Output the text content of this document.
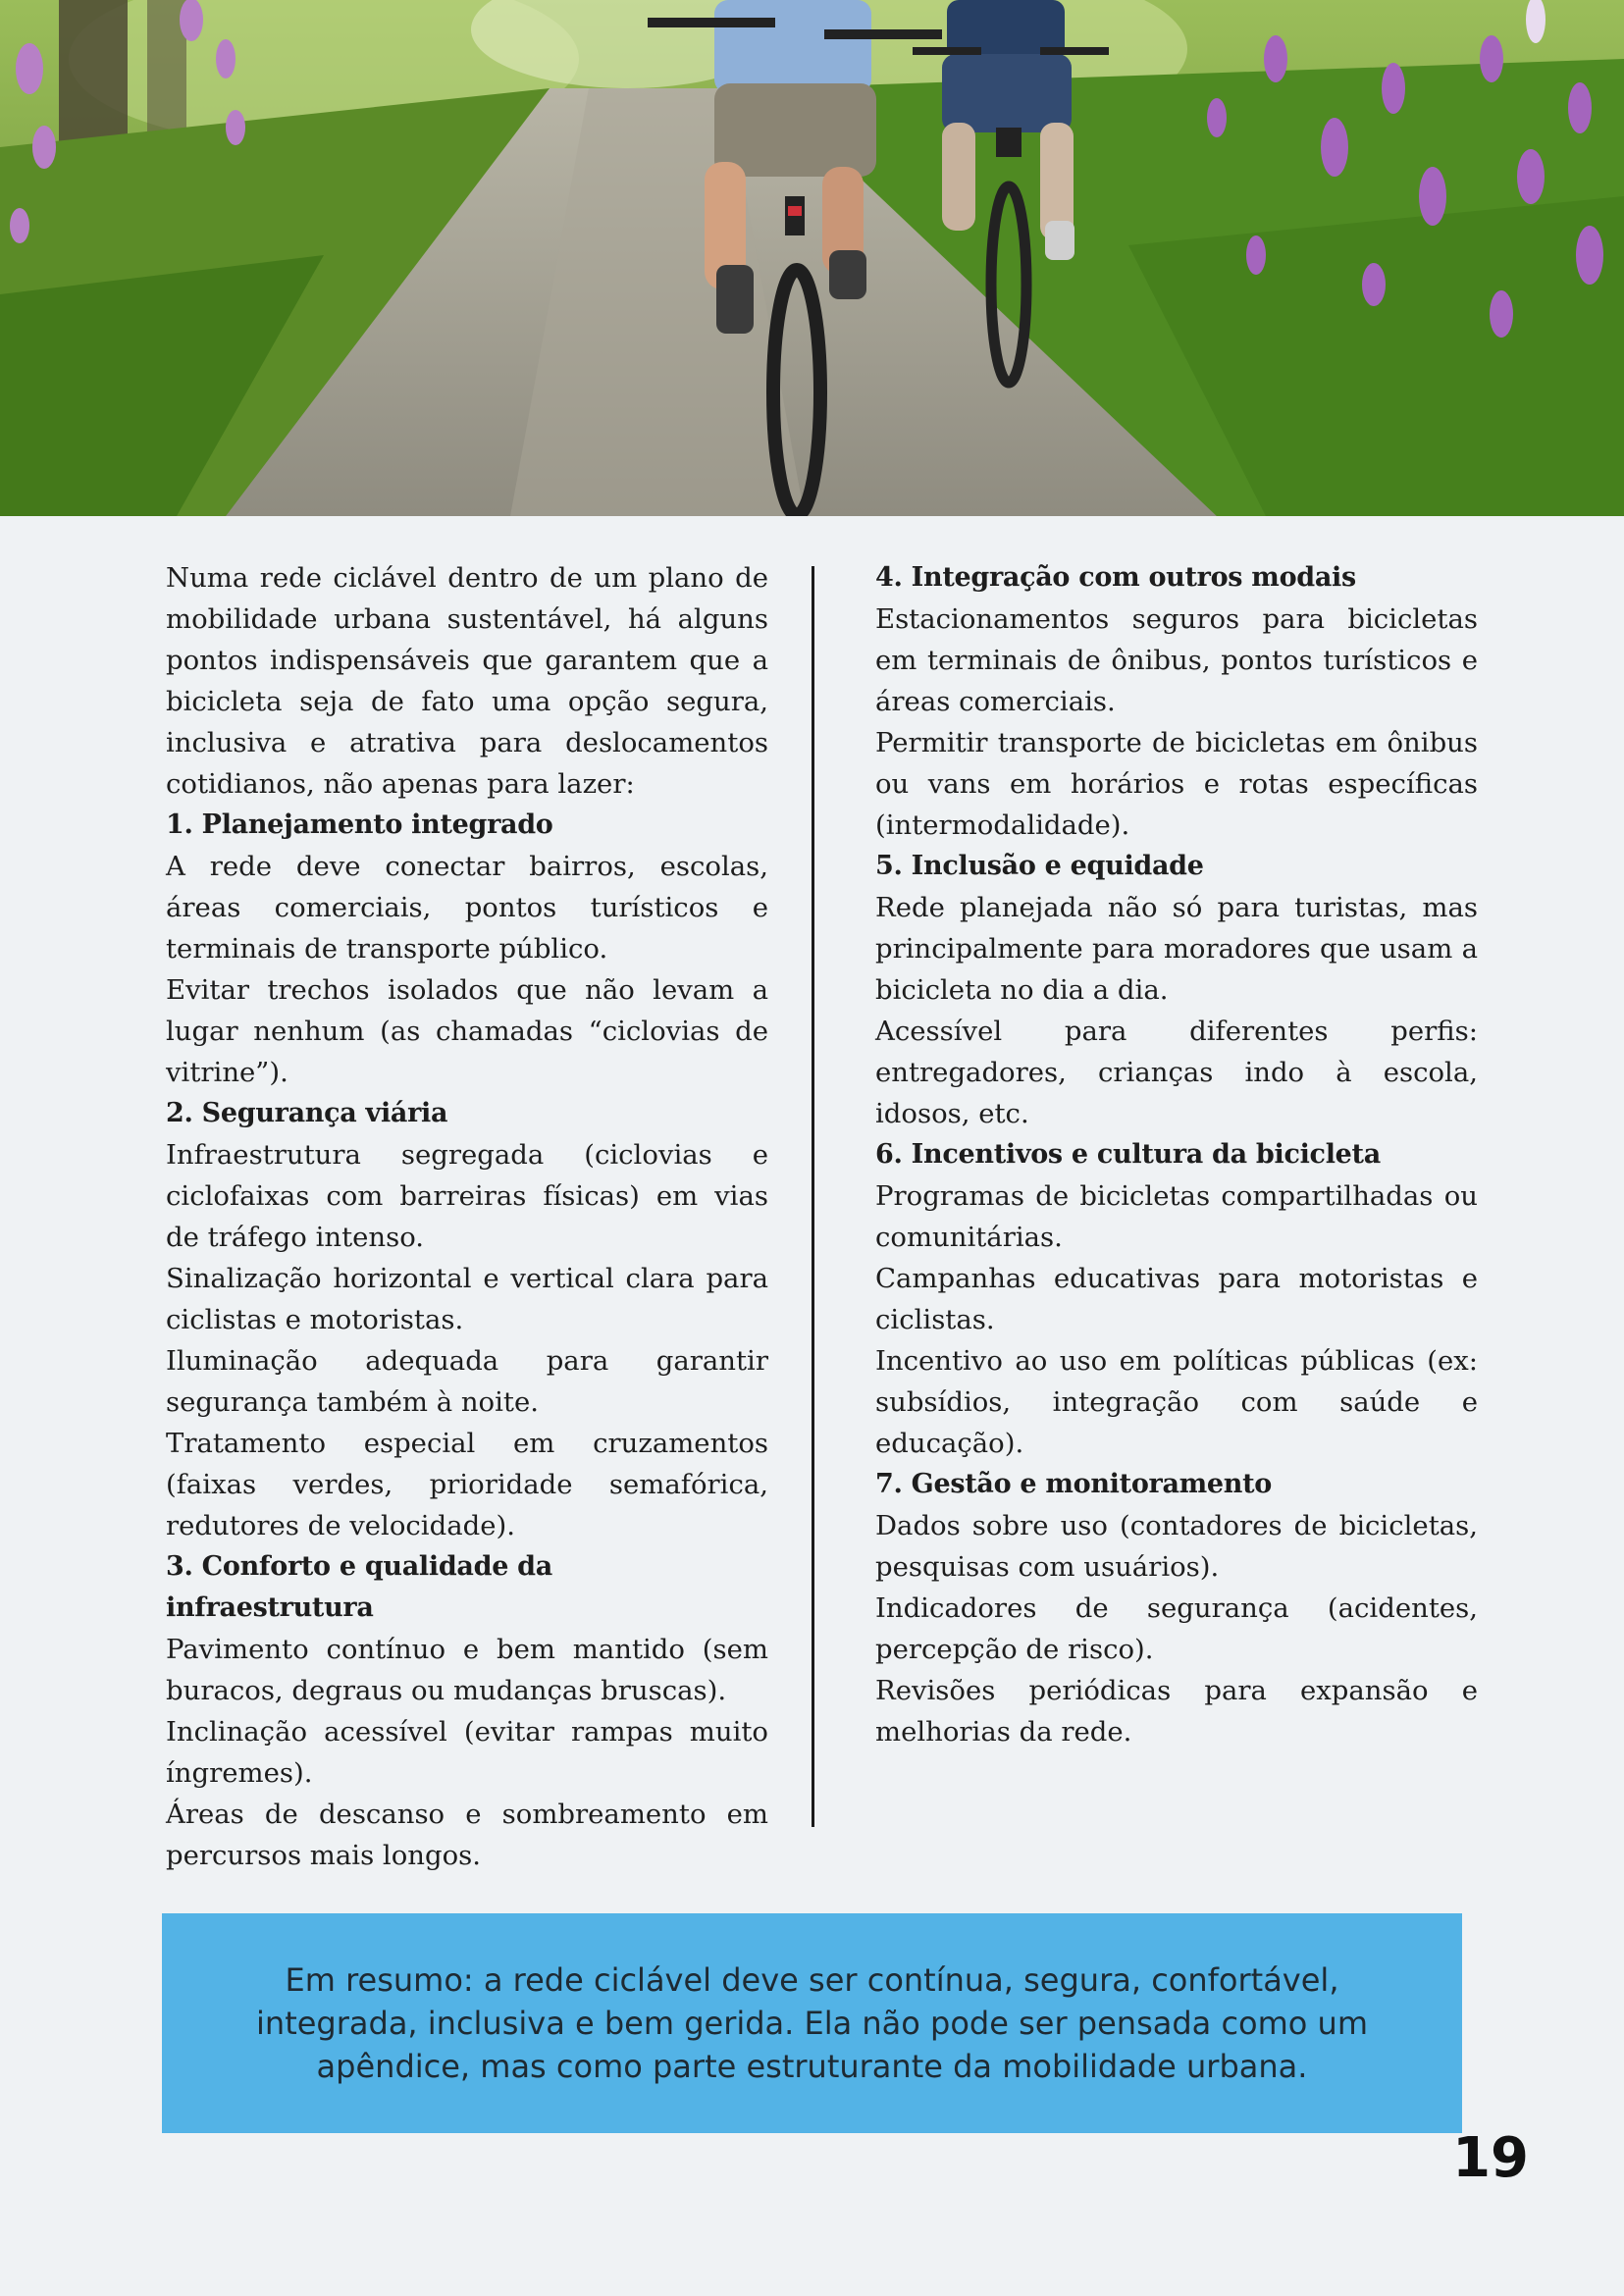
Numa rede ciclável dentro de um plano de mobilidade urbana sustentável, há alguns pontos indispensáveis que garantem que a bicicleta seja de fato uma opção segura, inclusiva e atrativa para deslocamentos cotidianos, não apenas para lazer:

1. Planejamento integrado

A rede deve conectar bairros, escolas, áreas comerciais, pontos turísticos e terminais de transporte público.

Evitar trechos isolados que não levam a lugar nenhum (as chamadas “ciclovias de vitrine”).

2. Segurança viária

Infraestrutura segregada (ciclovias e ciclofaixas com barreiras físicas) em vias de tráfego intenso.

Sinalização horizontal e vertical clara para ciclistas e motoristas.

Iluminação adequada para garantir segurança também à noite.

Tratamento especial em cruzamentos (faixas verdes, prioridade semafórica, redutores de velocidade).

3. Conforto e qualidade da infraestrutura

Pavimento contínuo e bem mantido (sem buracos, degraus ou mudanças bruscas).

Inclinação acessível (evitar rampas muito íngremes).

Áreas de descanso e sombreamento em percursos mais longos.

4. Integração com outros modais

Estacionamentos seguros para bicicletas em terminais de ônibus, pontos turísticos e áreas comerciais.

Permitir transporte de bicicletas em ônibus ou vans em horários e rotas específicas (intermodalidade).

5. Inclusão e equidade

Rede planejada não só para turistas, mas principalmente para moradores que usam a bicicleta no dia a dia.

Acessível para diferentes perfis: entregadores, crianças indo à escola, idosos, etc.

6. Incentivos e cultura da bicicleta

Programas de bicicletas compartilhadas ou comunitárias.

Campanhas educativas para motoristas e ciclistas.

Incentivo ao uso em políticas públicas (ex: subsídios, integração com saúde e educação).

7. Gestão e monitoramento

Dados sobre uso (contadores de bicicletas, pesquisas com usuários).

Indicadores de segurança (acidentes, percepção de risco).

Revisões periódicas para expansão e melhorias da rede.

Em resumo: a rede ciclável deve ser contínua, segura, confortável, integrada, inclusiva e bem gerida. Ela não pode ser pensada como um apêndice, mas como parte estruturante da mobilidade urbana.

19
